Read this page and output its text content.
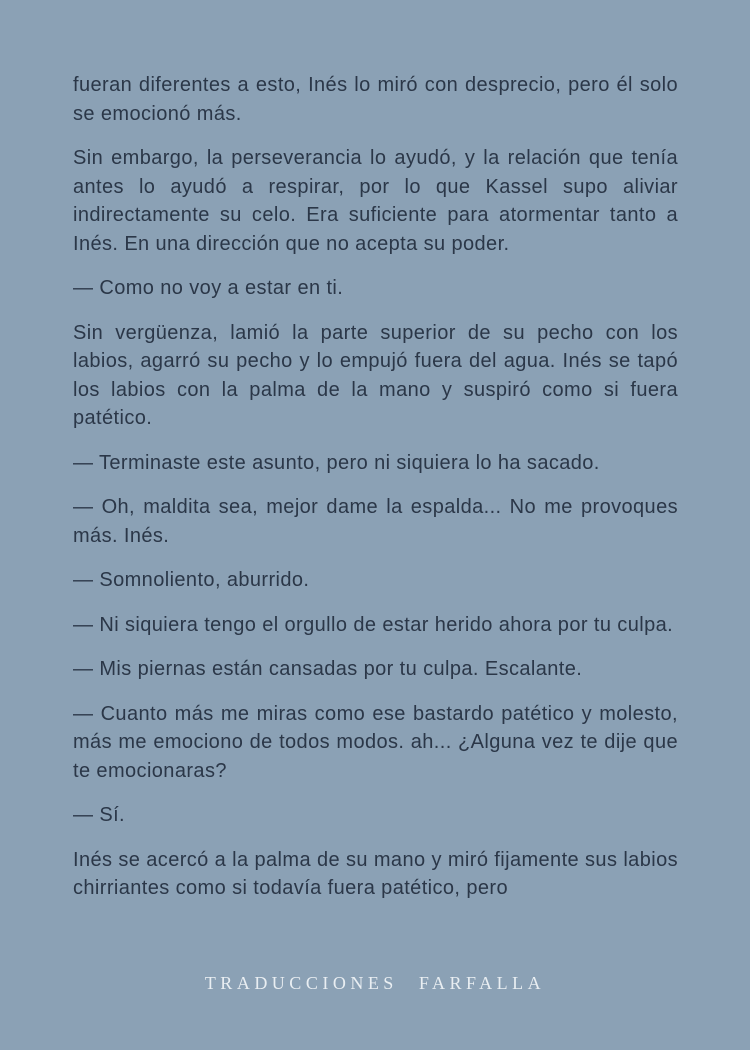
fueran diferentes a esto, Inés lo miró con desprecio, pero él solo se emocionó más.

Sin embargo, la perseverancia lo ayudó, y la relación que tenía antes lo ayudó a respirar, por lo que Kassel supo aliviar indirectamente su celo. Era suficiente para atormentar tanto a Inés. En una dirección que no acepta su poder.

— Como no voy a estar en ti.

Sin vergüenza, lamió la parte superior de su pecho con los labios, agarró su pecho y lo empujó fuera del agua. Inés se tapó los labios con la palma de la mano y suspiró como si fuera patético.

— Terminaste este asunto, pero ni siquiera lo ha sacado.

— Oh, maldita sea, mejor dame la espalda... No me provoques más. Inés.

— Somnoliento, aburrido.

— Ni siquiera tengo el orgullo de estar herido ahora por tu culpa.

— Mis piernas están cansadas por tu culpa. Escalante.

— Cuanto más me miras como ese bastardo patético y molesto, más me emociono de todos modos. ah... ¿Alguna vez te dije que te emocionaras?

— Sí.

Inés se acercó a la palma de su mano y miró fijamente sus labios chirriantes como si todavía fuera patético, pero

TRADUCCIONES FARFALLA
